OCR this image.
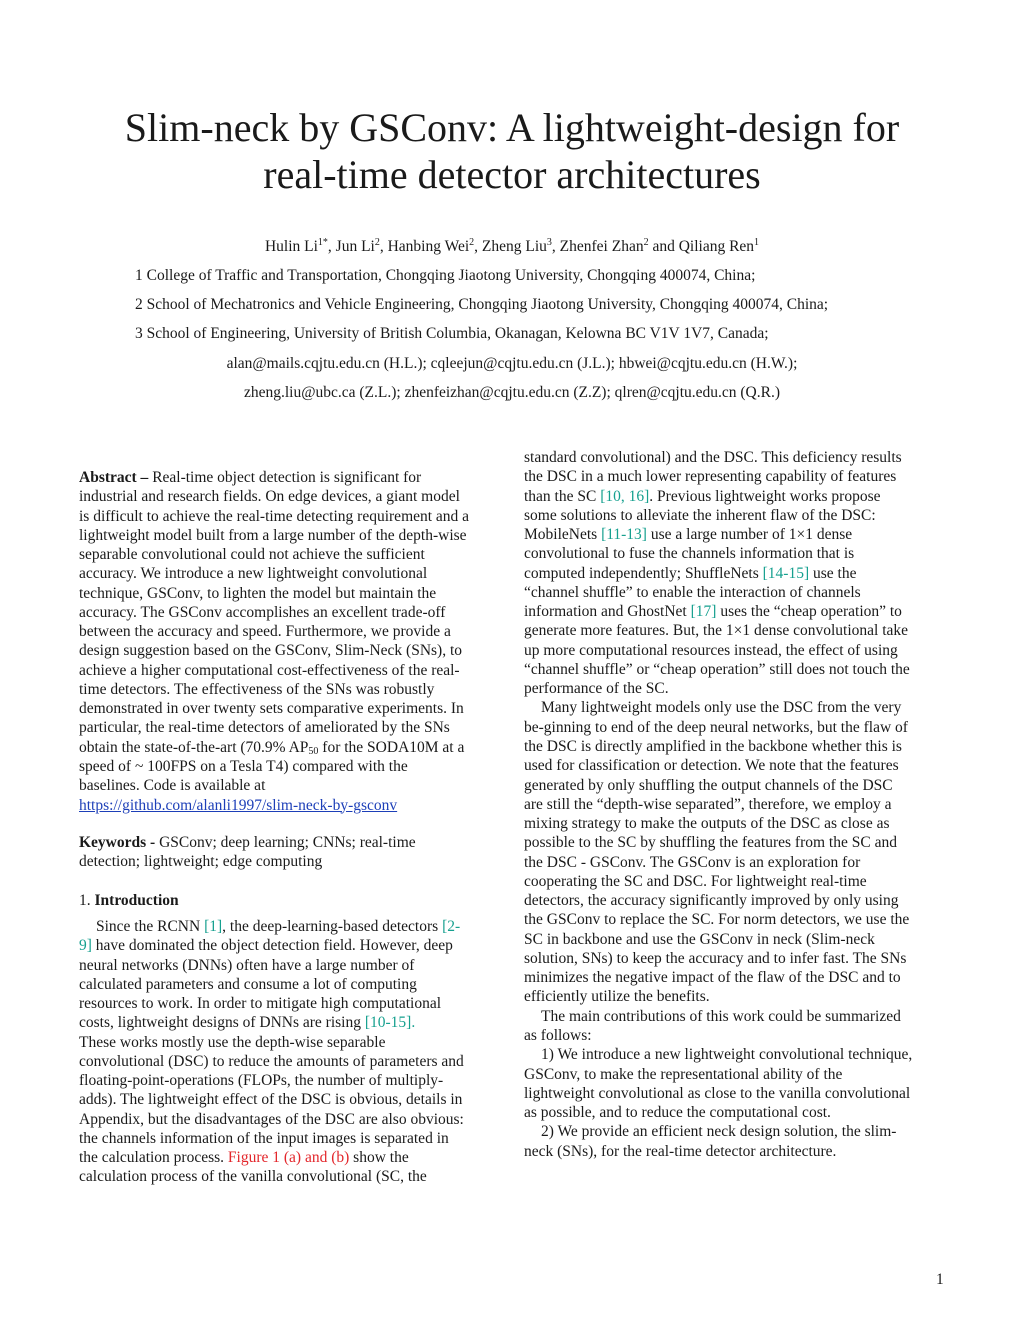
Slim-neck by GSConv: A lightweight-design for
real-time detector architectures
Hulin $Li^{1*}$, Jun Li$^2$, Hanbing Wei$^2$, Zheng Liu$^3$, Zhenfei Zhan$^2$ and Qiliang Ren$^1$
1 College of Traffic and Transportation, Chongqing Jiaotong University, Chongqing 400074, China;
2 School of Mechatronics and Vehicle Engineering, Chongqing Jiaotong University, Chongqing 400074, China;
3 School of Engineering, University of British Columbia, Okanagan, Kelowna BC V1V 1V7, Canada;
alan@mails.cqjtu.edu.cn (H.L.); cqleejun@cqjtu.edu.cn (J.L.); hbwei@cqjtu.edu.cn (H.W.);
zheng.liu@ubc.ca (Z.L.); zhenfeizhan@cqjtu.edu.cn (Z.Z); qlren@cqjtu.edu.cn (Q.R.)
Abstract – Real-time object detection is significant for
industrial and research fields. On edge devices, a giant model
is difficult to achieve the real-time detecting requirement and a
lightweight model built from a large number of the depth-wise
separable convolutional could not achieve the sufficient
accuracy. We introduce a new lightweight convolutional
technique, GSConv, to lighten the model but maintain the
accuracy. The GSConv accomplishes an excellent trade-off
between the accuracy and speed. Furthermore, we provide a
design suggestion based on the GSConv, Slim-Neck (SNs), to
achieve a higher computational cost-effectiveness of the real-
time detectors. The effectiveness of the SNs was robustly
demonstrated in over twenty sets comparative experiments. In
particular, the real-time detectors of ameliorated by the SNs
obtain the state-of-the-art (70.9% $AP_{50}$ for the SODA10M at a
speed of ~ 100FPS on a Tesla T4) compared with the
baselines. Code is available at
https://github.com/alanli1997/slim-neck-by-gsconv
Keywords - GSConv; deep learning; CNNs; real-time
detection; lightweight; edge computing
1. Introduction
Since the RCNN [1], the deep-learning-based detectors [2-
9] have dominated the object detection field. However, deep
neural networks (DNNs) often have a large number of
calculated parameters and consume a lot of computing
resources to work. In order to mitigate high computational
costs, lightweight designs of DNNs are rising [10-15].
These works mostly use the depth-wise separable
convolutional (DSC) to reduce the amounts of parameters and
floating-point-operations (FLOPs, the number of multiply-
adds). The lightweight effect of the DSC is obvious, details in
Appendix, but the disadvantages of the DSC are also obvious:
the channels information of the input images is separated in
the calculation process. Figure 1 (a) and (b) show the
calculation process of the vanilla convolutional (SC, the
standard convolutional) and the DSC. This deficiency results
the DSC in a much lower representing capability of features
than the SC [10, 16]. Previous lightweight works propose
some solutions to alleviate the inherent flaw of the DSC:
MobileNets [11-13] use a large number of 1×1 dense
convolutional to fuse the channels information that is
computed independently; ShuffleNets [14-15] use the
“channel shuffle” to enable the interaction of channels
information and GhostNet [17] uses the “cheap operation” to
generate more features. But, the 1×1 dense convolutional take
up more computational resources instead, the effect of using
“channel shuffle” or “cheap operation” still does not touch the
performance of the SC.
Many lightweight models only use the DSC from the very
be-ginning to end of the deep neural networks, but the flaw of
the DSC is directly amplified in the backbone whether this is
used for classification or detection. We note that the features
generated by only shuffling the output channels of the DSC
are still the “depth-wise separated”, therefore, we employ a
mixing strategy to make the outputs of the DSC as close as
possible to the SC by shuffling the features from the SC and
the DSC - GSConv. The GSConv is an exploration for
cooperating the SC and DSC. For lightweight real-time
detectors, the accuracy significantly improved by only using
the GSConv to replace the SC. For norm detectors, we use the
SC in backbone and use the GSConv in neck (Slim-neck
solution, SNs) to keep the accuracy and to infer fast. The SNs
minimizes the negative impact of the flaw of the DSC and to
efficiently utilize the benefits.
The main contributions of this work could be summarized
as follows:
1) We introduce a new lightweight convolutional technique,
GSConv, to make the representational ability of the
lightweight convolutional as close to the vanilla convolutional
as possible, and to reduce the computational cost.
2) We provide an efficient neck design solution, the slim-
neck (SNs), for the real-time detector architecture.
1
